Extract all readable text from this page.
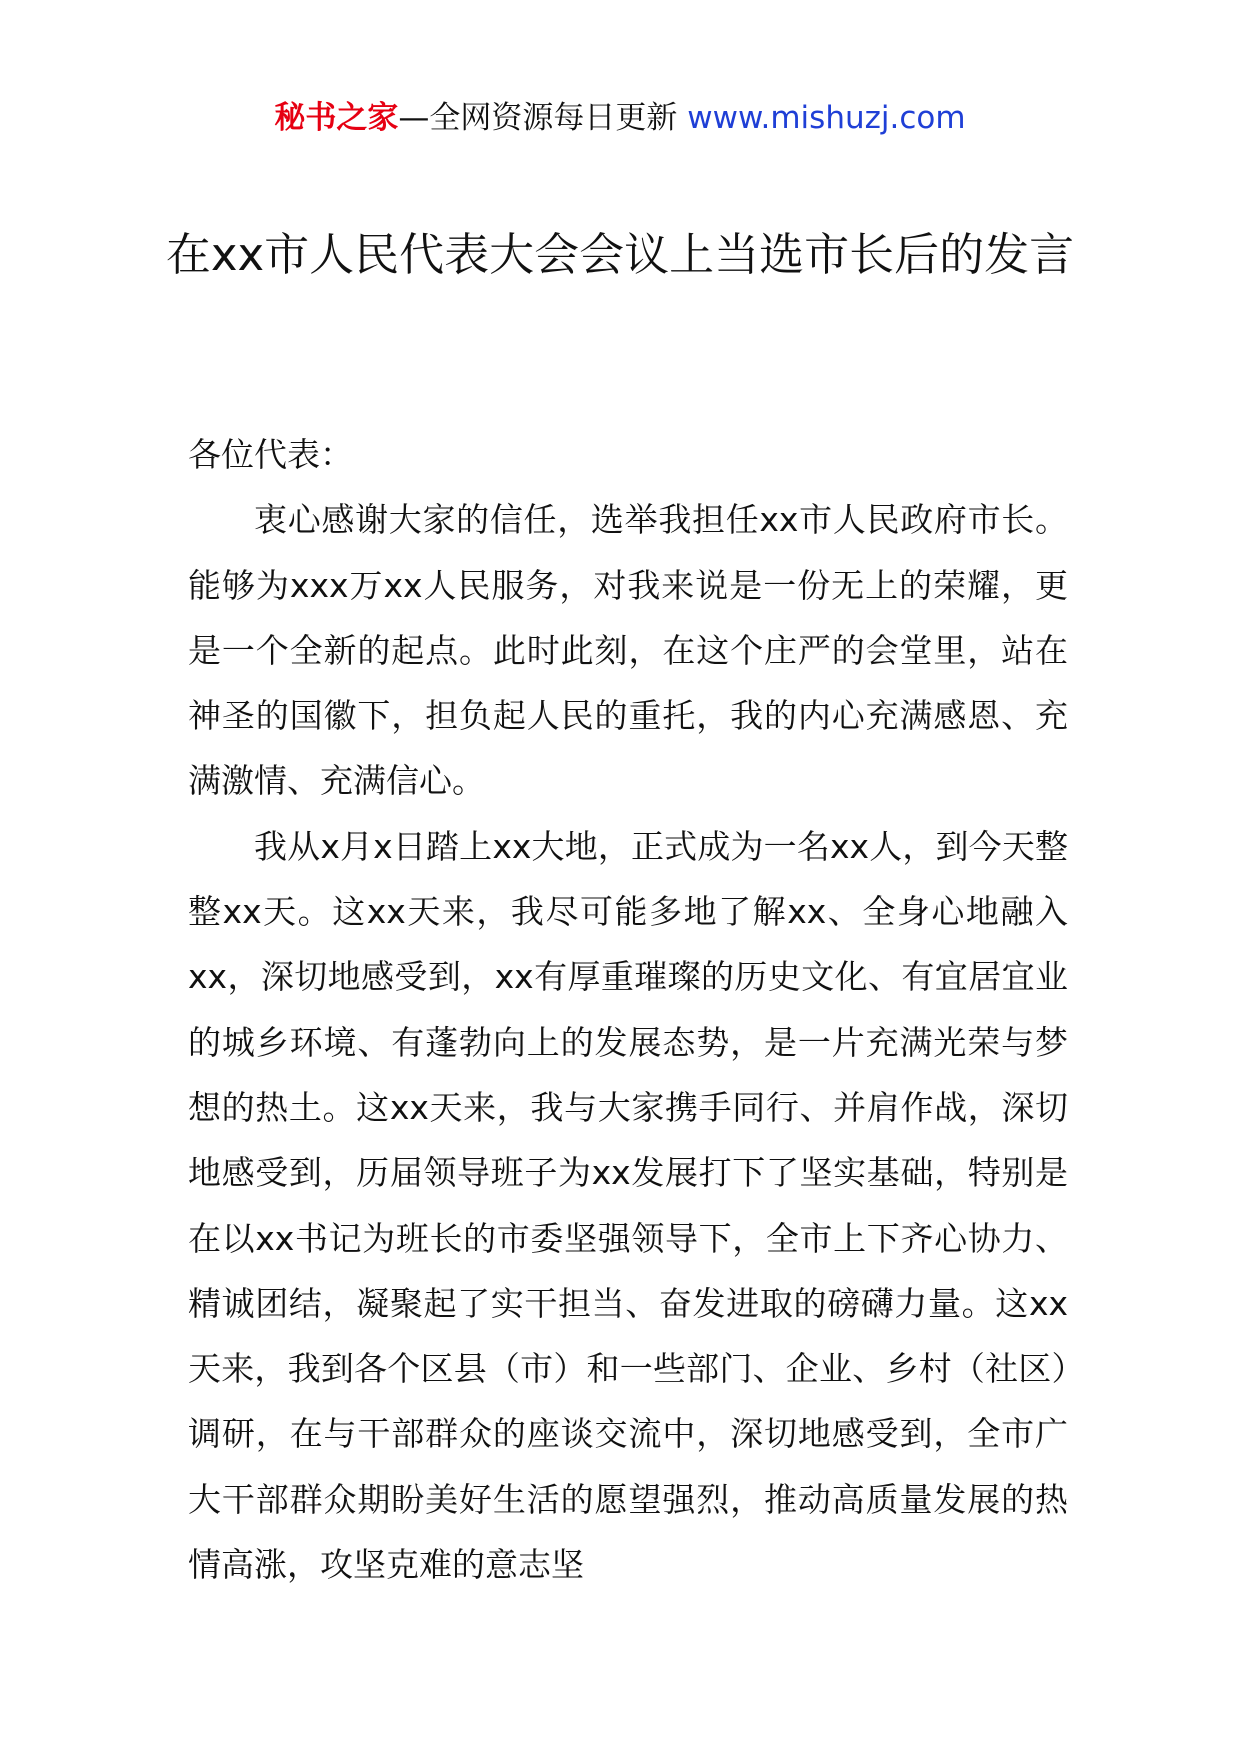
秘书之家—全网资源每日更新 www.mishuzj.com
在xx市人民代表大会会议上当选市长后的发言

各位代表：

衷心感谢大家的信任，选举我担任xx市人民政府市长。能够为xxx万xx人民服务，对我来说是一份无上的荣耀，更是一个全新的起点。此时此刻，在这个庄严的会堂里，站在神圣的国徽下，担负起人民的重托，我的内心充满感恩、充满激情、充满信心。

我从x月x日踏上xx大地，正式成为一名xx人，到今天整整xx天。这xx天来，我尽可能多地了解xx、全身心地融入xx，深切地感受到，xx有厚重璀璨的历史文化、有宜居宜业的城乡环境、有蓬勃向上的发展态势，是一片充满光荣与梦想的热土。这xx天来，我与大家携手同行、并肩作战，深切地感受到，历届领导班子为xx发展打下了坚实基础，特别是在以xx书记为班长的市委坚强领导下，全市上下齐心协力、精诚团结，凝聚起了实干担当、奋发进取的磅礴力量。这xx天来，我到各个区县（市）和一些部门、企业、乡村（社区）调研，在与干部群众的座谈交流中，深切地感受到，全市广大干部群众期盼美好生活的愿望强烈，推动高质量发展的热情高涨，攻坚克难的意志坚
